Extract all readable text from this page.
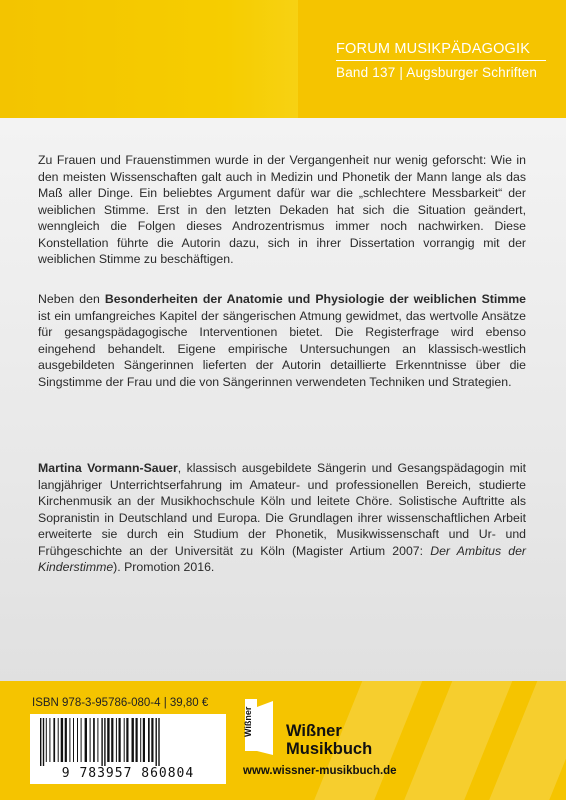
FORUM MUSIKPÄDAGOGIK
Band 137 | Augsburger Schriften
Zu Frauen und Frauenstimmen wurde in der Vergangenheit nur wenig geforscht: Wie in den meisten Wissenschaften galt auch in Medizin und Phonetik der Mann lange als das Maß aller Dinge. Ein beliebtes Argument dafür war die „schlechtere Messbarkeit“ der weiblichen Stimme. Erst in den letzten Dekaden hat sich die Situation geändert, wenngleich die Folgen dieses Androzentrismus immer noch nachwirken. Diese Konstellation führte die Autorin dazu, sich in ihrer Dissertation vorrangig mit der weiblichen Stimme zu beschäftigen.
Neben den Besonderheiten der Anatomie und Physiologie der weiblichen Stimme ist ein umfangreiches Kapitel der sängerischen Atmung gewidmet, das wertvolle Ansätze für gesangspädagogische Interventionen bietet. Die Registerfrage wird ebenso eingehend behandelt. Eigene empirische Untersuchungen an klassisch-westlich ausgebildeten Sängerinnen lieferten der Autorin detaillierte Erkenntnisse über die Singstimme der Frau und die von Sängerinnen verwendeten Techniken und Strategien.
Martina Vormann-Sauer, klassisch ausgebildete Sängerin und Gesangspädagogin mit langjähriger Unterrichtserfahrung im Amateur- und professionellen Bereich, studierte Kirchenmusik an der Musikhochschule Köln und leitete Chöre. Solistische Auftritte als Sopranistin in Deutschland und Europa. Die Grundlagen ihrer wissenschaftlichen Arbeit erweiterte sie durch ein Studium der Phonetik, Musikwissenschaft und Ur- und Frühgeschichte an der Universität zu Köln (Magister Artium 2007: Der Ambitus der Kinderstimme). Promotion 2016.
ISBN 978-3-95786-080-4 | 39,80 €
9 783957 860804
Wißner Wißner
Musikbuch
www.wissner-musikbuch.de
